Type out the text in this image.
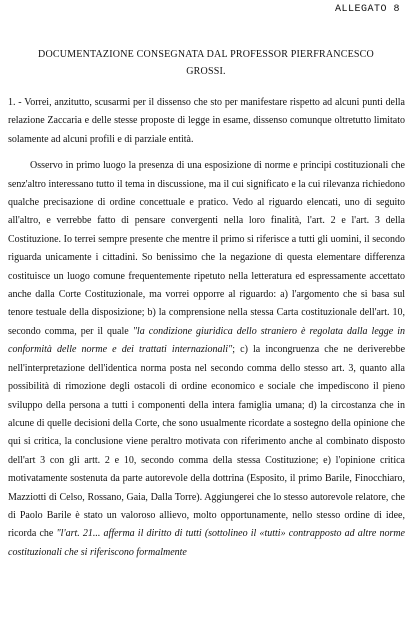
ALLEGATO 8
DOCUMENTAZIONE CONSEGNATA DAL PROFESSOR PIERFRANCESCO
GROSSI.

1. - Vorrei, anzitutto, scusarmi per il dissenso che sto per manifestare rispetto ad alcuni punti della relazione Zaccaria e delle stesse proposte di legge in esame, dissenso comunque oltretutto limitato solamente ad alcuni profili e di parziale entità.

Osservo in primo luogo la presenza di una esposizione di norme e principi costituzionali che senz'altro interessano tutto il tema in discussione, ma il cui significato e la cui rilevanza richiedono qualche precisazione di ordine concettuale e pratico. Vedo al riguardo elencati, uno di seguito all'altro, e verrebbe fatto di pensare convergenti nella loro finalità, l'art. 2 e l'art. 3 della Costituzione. Io terrei sempre presente che mentre il primo si riferisce a tutti gli uomini, il secondo riguarda unicamente i cittadini. So benissimo che la negazione di questa elementare differenza costituisce un luogo comune frequentemente ripetuto nella letteratura ed espressamente accettato anche dalla Corte Costituzionale, ma vorrei opporre al riguardo: a) l'argomento che si basa sul tenore testuale della disposizione; b) la comprensione nella stessa Carta costituzionale dell'art. 10, secondo comma, per il quale "la condizione giuridica dello straniero è regolata dalla legge in conformità delle norme e dei trattati internazionali"; c) la incongruenza che ne deriverebbe nell'interpretazione dell'identica norma posta nel secondo comma dello stesso art. 3, quanto alla possibilità di rimozione degli ostacoli di ordine economico e sociale che impediscono il pieno sviluppo della persona a tutti i componenti della intera famiglia umana; d) la circostanza che in alcune di quelle decisioni della Corte, che sono usualmente ricordate a sostegno della opinione che qui si critica, la conclusione viene peraltro motivata con riferimento anche al combinato disposto dell'art 3 con gli artt. 2 e 10, secondo comma della stessa Costituzione; e) l'opinione critica motivatamente sostenuta da parte autorevole della dottrina (Esposito, il primo Barile, Finocchiaro, Mazziotti di Celso, Rossano, Gaia, Dalla Torre). Aggiungerei che lo stesso autorevole relatore, che di Paolo Barile è stato un valoroso allievo, molto opportunamente, nello stesso ordine di idee, ricorda che "l'art. 21... afferma il diritto di tutti (sottolineo il «tutti» contrapposto ad altre norme costituzionali che si riferiscono formalmente
